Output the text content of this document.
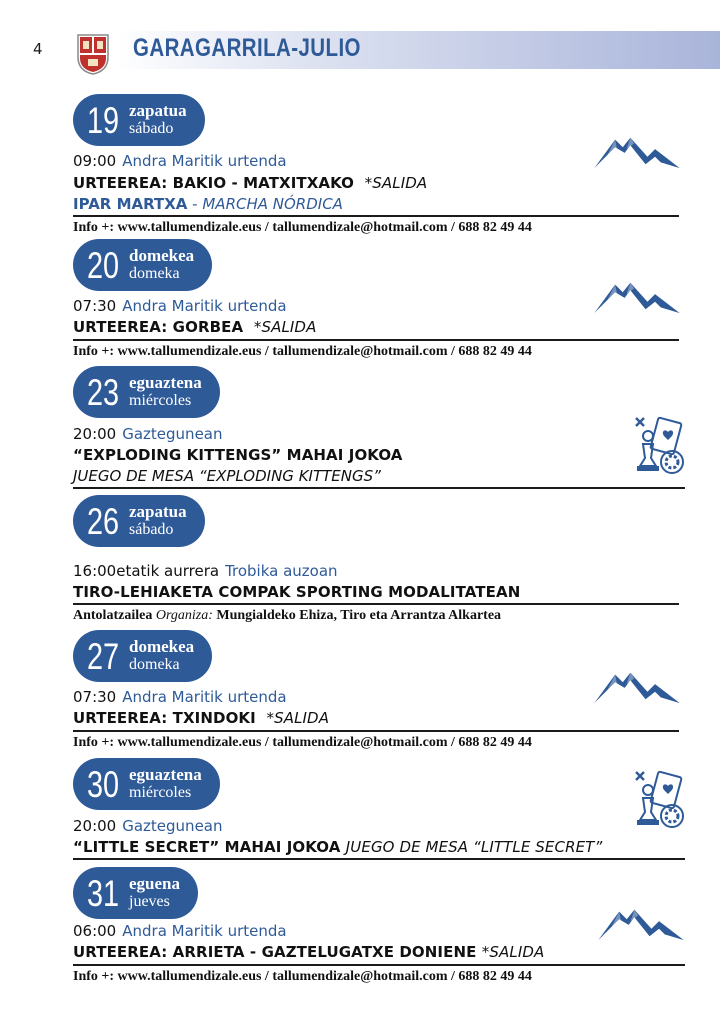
4	GARAGARRILA-JULIO
19 zapatua
sábado
09:00 Andra Maritik urtenda
URTEEREA: BAKIO - MATXITXAKO *SALIDA
IPAR MARTXA - MARCHA NÓRDICA
Info +: www.tallumendizale.eus / tallumendizale@hotmail.com / 688 82 49 44
20 domekea
domeka
07:30 Andra Maritik urtenda
URTEEREA: GORBEA *SALIDA
Info +: www.tallumendizale.eus / tallumendizale@hotmail.com / 688 82 49 44
23 eguaztena
miércoles
20:00 Gaztegunean
“EXPLODING KITTENGS” MAHAI JOKOA
JUEGO DE MESA “EXPLODING KITTENGS”
26 zapatua
sábado
16:00etatik aurrera Trobika auzoan
TIRO-LEHIAKETA COMPAK SPORTING MODALITATEAN
Antolatzailea Organiza: Mungialdeko Ehiza, Tiro eta Arrantza Alkartea
27 domekea
domeka
07:30 Andra Maritik urtenda
URTEEREA: TXINDOKI *SALIDA
Info +: www.tallumendizale.eus / tallumendizale@hotmail.com / 688 82 49 44
30 eguaztena
miércoles
20:00 Gaztegunean
“LITTLE SECRET” MAHAI JOKOA JUEGO DE MESA “LITTLE SECRET”
31 eguena
jueves
06:00 Andra Maritik urtenda
URTEEREA: ARRIETA - GAZTELUGATXE DONIENE *SALIDA
Info +: www.tallumendizale.eus / tallumendizale@hotmail.com / 688 82 49 44
